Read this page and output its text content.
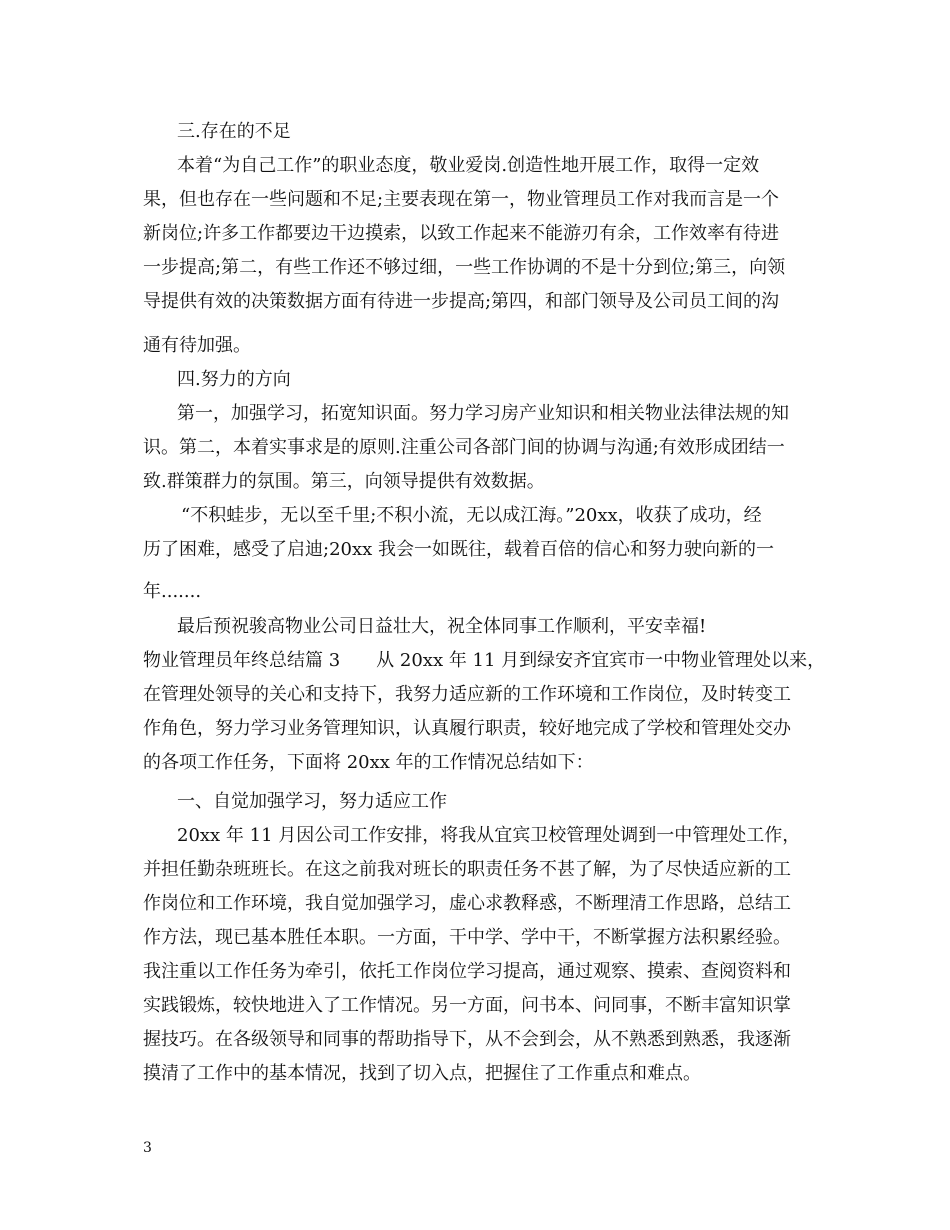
三.存在的不足
本着“为自己工作”的职业态度，敬业爱岗.创造性地开展工作，取得一定效
果，但也存在一些问题和不足;主要表现在第一，物业管理员工作对我而言是一个
新岗位;许多工作都要边干边摸索，以致工作起来不能游刃有余，工作效率有待进
一步提高;第二，有些工作还不够过细，一些工作协调的不是十分到位;第三，向领
导提供有效的决策数据方面有待进一步提高;第四，和部门领导及公司员工间的沟
通有待加强。
四.努力的方向
第一，加强学习，拓宽知识面。努力学习房产业知识和相关物业法律法规的知
识。第二，本着实事求是的原则.注重公司各部门间的协调与沟通;有效形成团结一
致.群策群力的氛围。第三，向领导提供有效数据。
“不积蛙步，无以至千里;不积小流，无以成江海。”20xx，收获了成功，经
历了困难，感受了启迪;20xx 我会一如既往，载着百倍的信心和努力驶向新的一
年.......
最后预祝骏高物业公司日益壮大，祝全体同事工作顺利，平安幸福!
物业管理员年终总结篇 3　　从 20xx 年 11 月到绿安齐宜宾市一中物业管理处以来，
在管理处领导的关心和支持下，我努力适应新的工作环境和工作岗位，及时转变工
作角色，努力学习业务管理知识，认真履行职责，较好地完成了学校和管理处交办
的各项工作任务，下面将 20xx 年的工作情况总结如下：
一、自觉加强学习，努力适应工作
20xx 年 11 月因公司工作安排，将我从宜宾卫校管理处调到一中管理处工作，
并担任勤杂班班长。在这之前我对班长的职责任务不甚了解，为了尽快适应新的工
作岗位和工作环境，我自觉加强学习，虚心求教释惑，不断理清工作思路，总结工
作方法，现已基本胜任本职。一方面，干中学、学中干，不断掌握方法积累经验。
我注重以工作任务为牵引，依托工作岗位学习提高，通过观察、摸索、查阅资料和
实践锻炼，较快地进入了工作情况。另一方面，问书本、问同事，不断丰富知识掌
握技巧。在各级领导和同事的帮助指导下，从不会到会，从不熟悉到熟悉，我逐渐
摸清了工作中的基本情况，找到了切入点，把握住了工作重点和难点。
3
